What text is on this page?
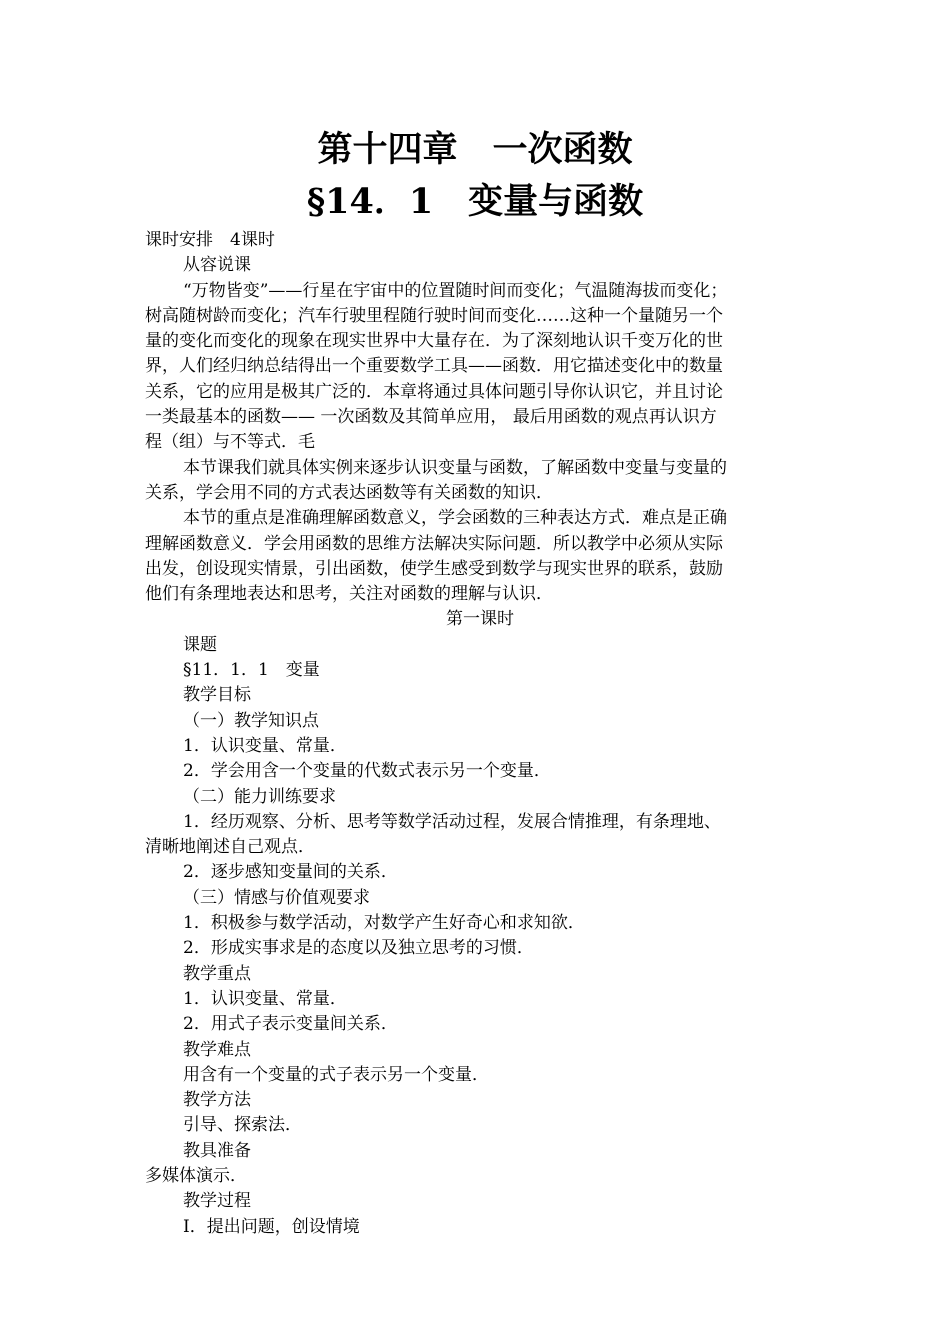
第十四章　一次函数
§14．1　变量与函数

课时安排　4课时

从容说课

“万物皆变”——行星在宇宙中的位置随时间而变化；气温随海拔而变化；

树高随树龄而变化；汽车行驶里程随行驶时间而变化……这种一个量随另一个

量的变化而变化的现象在现实世界中大量存在．为了深刻地认识千变万化的世

界，人们经归纳总结得出一个重要数学工具——函数．用它描述变化中的数量

关系，它的应用是极其广泛的．本章将通过具体问题引导你认识它，并且讨论

一类最基本的函数—— 一次函数及其简单应用， 最后用函数的观点再认识方

程（组）与不等式．毛

本节课我们就具体实例来逐步认识变量与函数，了解函数中变量与变量的

关系，学会用不同的方式表达函数等有关函数的知识．

本节的重点是准确理解函数意义，学会函数的三种表达方式．难点是正确

理解函数意义．学会用函数的思维方法解决实际问题．所以教学中必须从实际

出发，创设现实情景，引出函数，使学生感受到数学与现实世界的联系，鼓励

他们有条理地表达和思考，关注对函数的理解与认识．

第一课时

课题

§11．1．1　变量

教学目标

（一）教学知识点

1．认识变量、常量．

2．学会用含一个变量的代数式表示另一个变量．

（二）能力训练要求

1．经历观察、分析、思考等数学活动过程，发展合情推理，有条理地、

清晰地阐述自己观点．

2．逐步感知变量间的关系．

（三）情感与价值观要求

1．积极参与数学活动，对数学产生好奇心和求知欲．

2．形成实事求是的态度以及独立思考的习惯．

教学重点

1．认识变量、常量．

2．用式子表示变量间关系．

教学难点

用含有一个变量的式子表示另一个变量．

教学方法

引导、探索法．

教具准备

多媒体演示．

教学过程

Ⅰ．提出问题，创设情境
